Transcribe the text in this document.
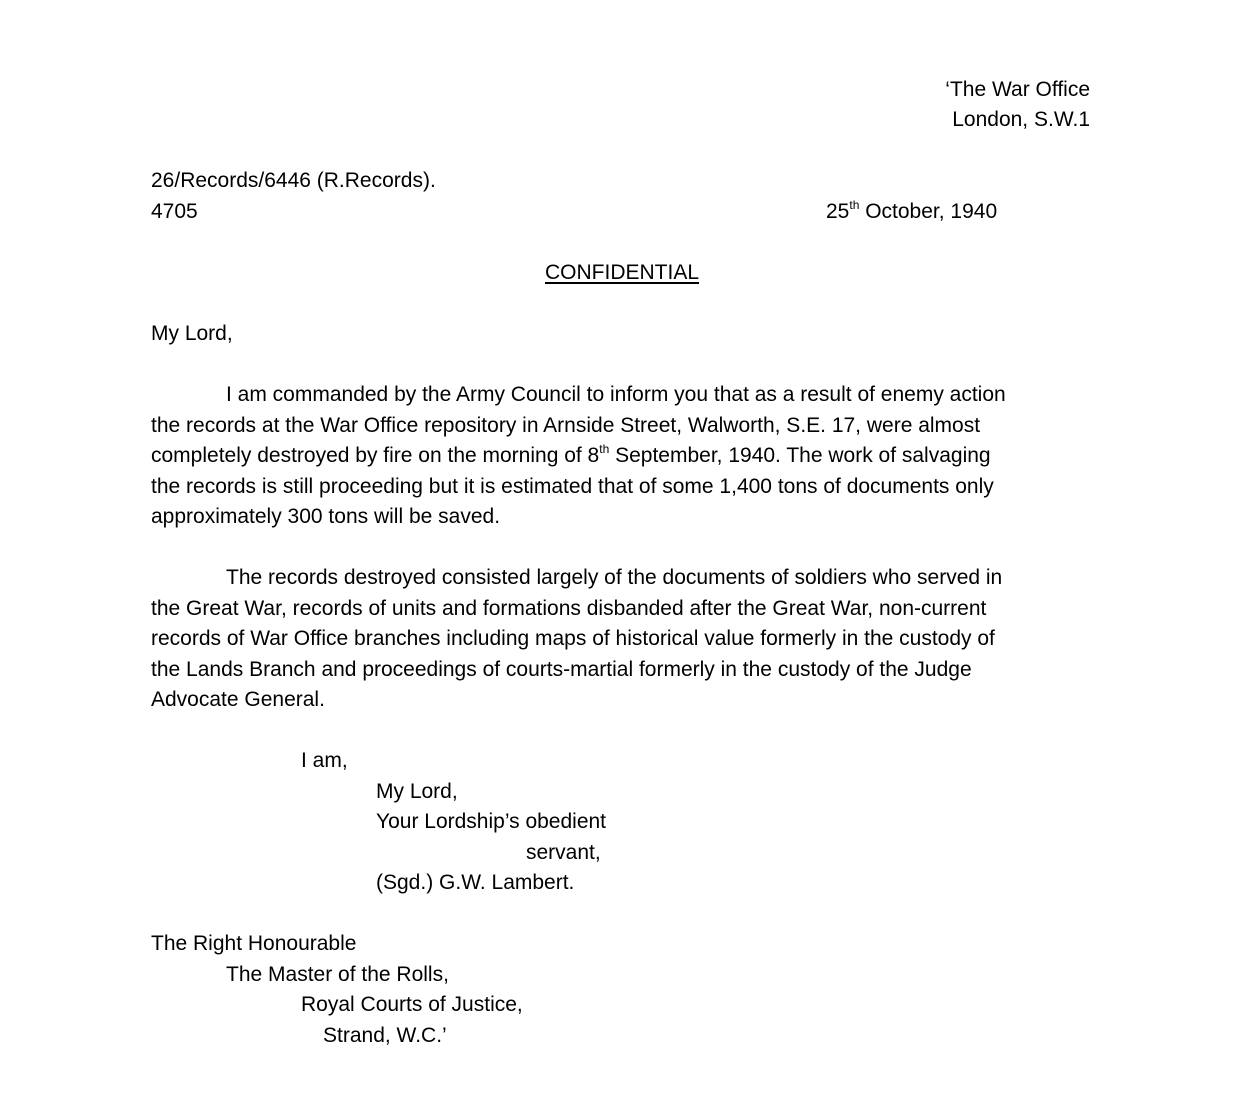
‘The War Office
London, S.W.1
26/Records/6446 (R.Records).
4705	25th October, 1940
CONFIDENTIAL
My Lord,
I am commanded by the Army Council to inform you that as a result of enemy action
the records at the War Office repository in Arnside Street, Walworth, S.E. 17, were almost
completely destroyed by fire on the morning of 8th September, 1940. The work of salvaging
the records is still proceeding but it is estimated that of some 1,400 tons of documents only
approximately 300 tons will be saved.
The records destroyed consisted largely of the documents of soldiers who served in
the Great War, records of units and formations disbanded after the Great War, non-current
records of War Office branches including maps of historical value formerly in the custody of
the Lands Branch and proceedings of courts-martial formerly in the custody of the Judge
Advocate General.
I am,
My Lord,
Your Lordship’s obedient
servant,
(Sgd.) G.W. Lambert.
The Right Honourable
The Master of the Rolls,
Royal Courts of Justice,
Strand, W.C.’
